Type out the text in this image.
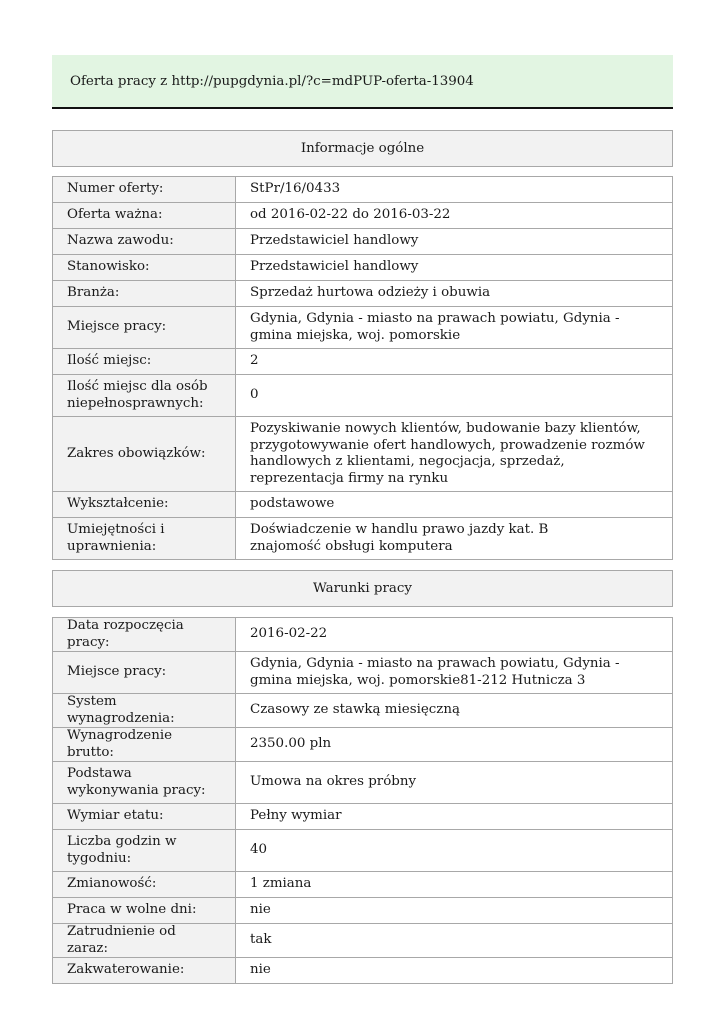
Oferta pracy z http://pupgdynia.pl/?c=mdPUP-oferta-13904
Informacje ogólne
Numer oferty:	StPr/16/0433
Oferta ważna:	od 2016-02-22 do 2016-03-22
Nazwa zawodu:	Przedstawiciel handlowy
Stanowisko:	Przedstawiciel handlowy
Branża:	Sprzedaż hurtowa odzieży i obuwia
Miejsce pracy:	Gdynia, Gdynia - miasto na prawach powiatu, Gdynia - gmina miejska, woj. pomorskie
Ilość miejsc:	2
Ilość miejsc dla osób niepełnosprawnych:	0
Zakres obowiązków:	Pozyskiwanie nowych klientów, budowanie bazy klientów, przygotowywanie ofert handlowych, prowadzenie rozmów handlowych z klientami, negocjacja, sprzedaż, reprezentacja firmy na rynku
Wykształcenie:	podstawowe
Umiejętności i uprawnienia:	Doświadczenie w handlu prawo jazdy kat. B
znajomość obsługi komputera
Warunki pracy
Data rozpoczęcia pracy:	2016-02-22
Miejsce pracy:	Gdynia, Gdynia - miasto na prawach powiatu, Gdynia - gmina miejska, woj. pomorskie81-212 Hutnicza 3
System wynagrodzenia:	Czasowy ze stawką miesięczną
Wynagrodzenie brutto:	2350.00 pln
Podstawa wykonywania pracy:	Umowa na okres próbny
Wymiar etatu:	Pełny wymiar
Liczba godzin w tygodniu:	40
Zmianowość:	1 zmiana
Praca w wolne dni:	nie
Zatrudnienie od zaraz:	tak
Zakwaterowanie:	nie
